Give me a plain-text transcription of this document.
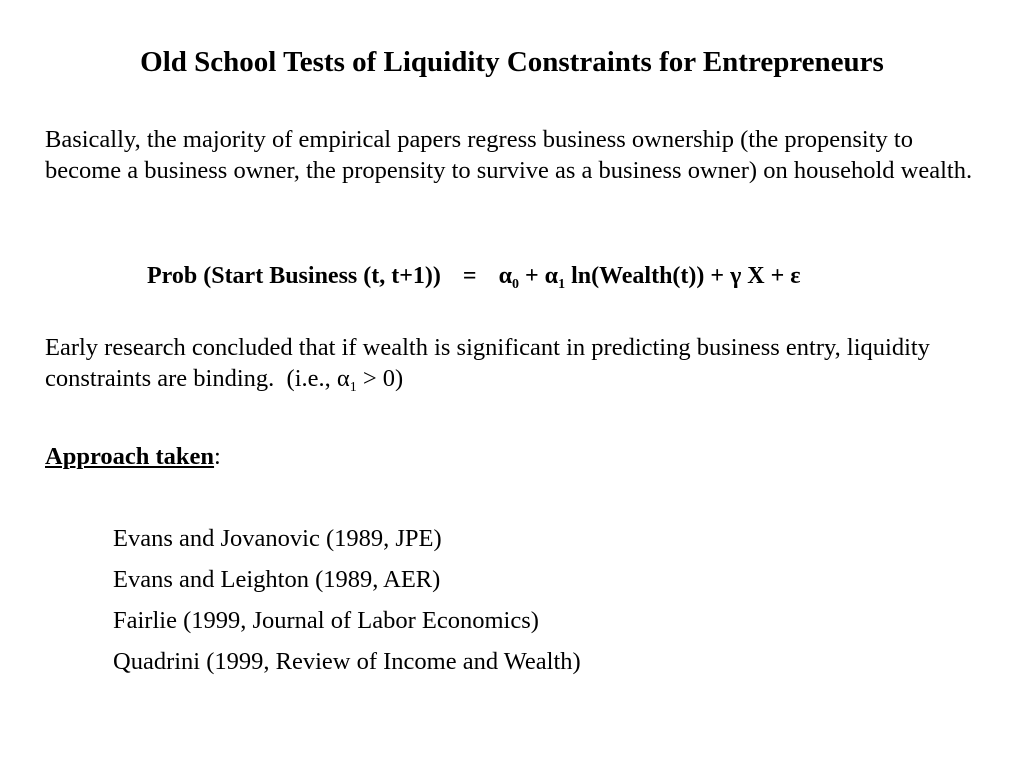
Old School Tests of Liquidity Constraints for Entrepreneurs
Basically, the majority of empirical papers regress business ownership (the propensity to become a business owner, the propensity to survive as a business owner) on household wealth.
Prob (Start Business (t, $t+1)) = \alpha_0 + \alpha_1$ ln(Wealth(t)) + γ X + ε
Early research concluded that if wealth is significant in predicting business entry, liquidity constraints are binding.  (i.e., $\alpha_1 > 0$)
Approach taken:
Evans and Jovanovic (1989, JPE)
Evans and Leighton (1989, AER)
Fairlie (1999, Journal of Labor Economics)
Quadrini (1999, Review of Income and Wealth)
